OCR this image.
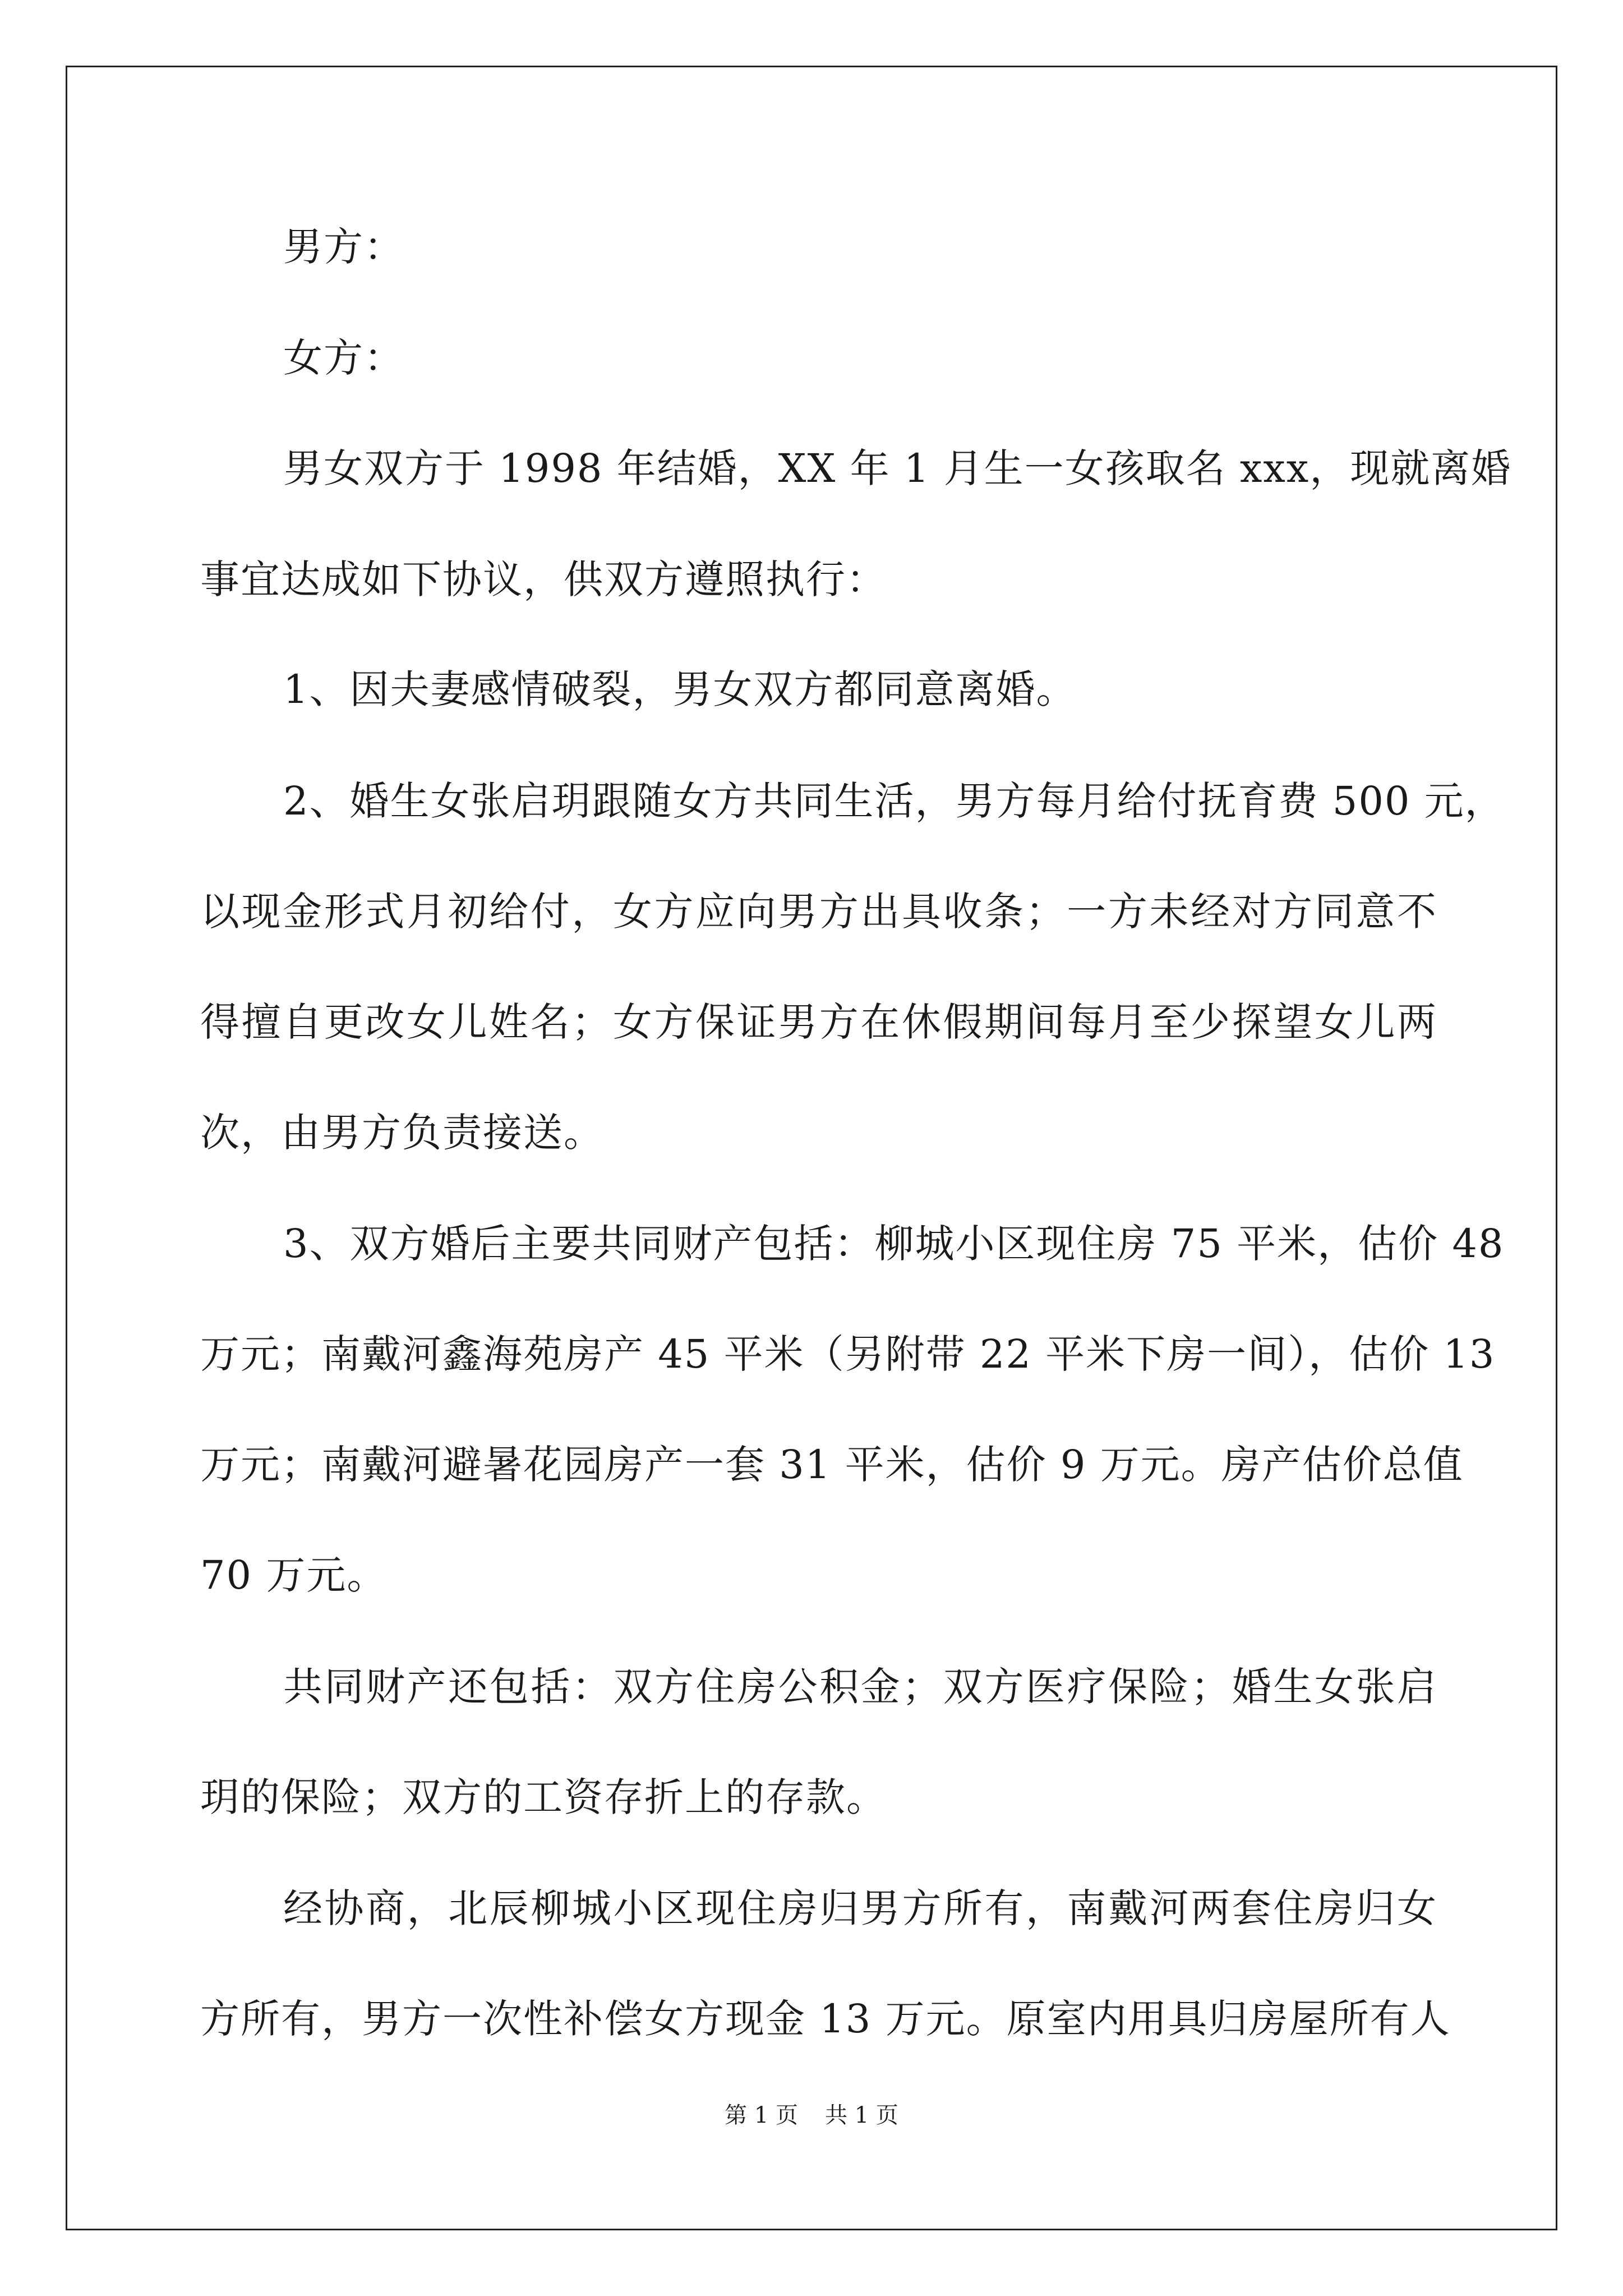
男方：
女方：
男女双方于 1998 年结婚，XX 年 1 月生一女孩取名 xxx，现就离婚
事宜达成如下协议，供双方遵照执行：
1、因夫妻感情破裂，男女双方都同意离婚。
2、婚生女张启玥跟随女方共同生活，男方每月给付抚育费 500 元，
以现金形式月初给付，女方应向男方出具收条；一方未经对方同意不
得擅自更改女儿姓名；女方保证男方在休假期间每月至少探望女儿两
次，由男方负责接送。
3、双方婚后主要共同财产包括：柳城小区现住房 75 平米，估价 48
万元；南戴河鑫海苑房产 45 平米（另附带 22 平米下房一间），估价 13
万元；南戴河避暑花园房产一套 31 平米，估价 9 万元。房产估价总值
70 万元。
共同财产还包括：双方住房公积金；双方医疗保险；婚生女张启
玥的保险；双方的工资存折上的存款。
经协商，北辰柳城小区现住房归男方所有，南戴河两套住房归女
方所有，男方一次性补偿女方现金 13 万元。原室内用具归房屋所有人
第 1 页 共 1 页
